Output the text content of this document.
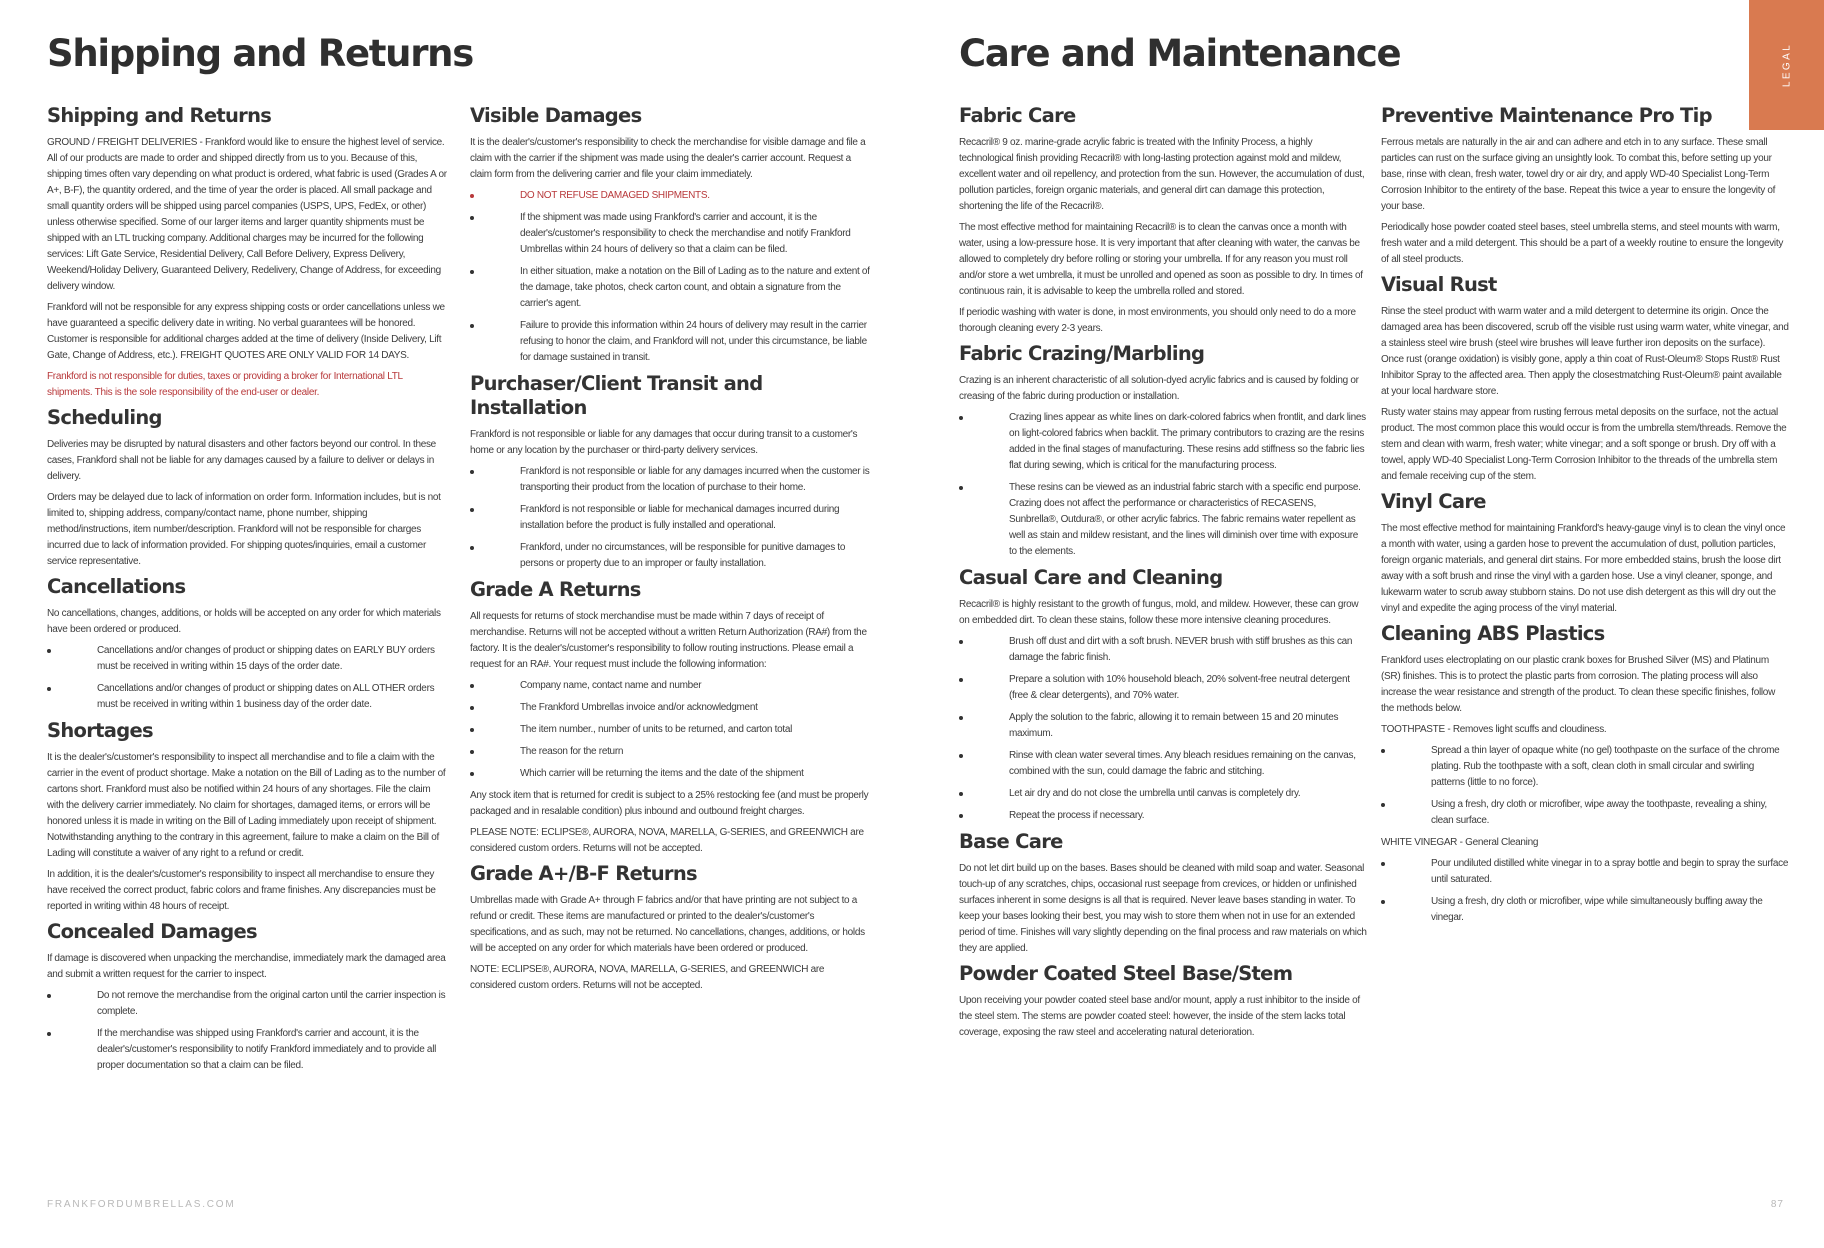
Shipping and Returns	Care and Maintenance
Shipping and Returns
GROUND / FREIGHT DELIVERIES - Frankford would like to ensure the highest level of service. All of our products are made to order and shipped directly from us to you. Because of this, shipping times often vary depending on what product is ordered, what fabric is used (Grades A or A+, B-F), the quantity ordered, and the time of year the order is placed. All small package and small quantity orders will be shipped using parcel companies (USPS, UPS, FedEx, or other) unless otherwise specified. Some of our larger items and larger quantity shipments must be shipped with an LTL trucking company. Additional charges may be incurred for the following services: Lift Gate Service, Residential Delivery, Call Before Delivery, Express Delivery, Weekend/Holiday Delivery, Guaranteed Delivery, Redelivery, Change of Address, for exceeding delivery window.
Frankford will not be responsible for any express shipping costs or order cancellations unless we have guaranteed a specific delivery date in writing. No verbal guarantees will be honored. Customer is responsible for additional charges added at the time of delivery (Inside Delivery, Lift Gate, Change of Address, etc.). FREIGHT QUOTES ARE ONLY VALID FOR 14 DAYS.
Frankford is not responsible for duties, taxes or providing a broker for International LTL shipments. This is the sole responsibility of the end-user or dealer.
Scheduling
Deliveries may be disrupted by natural disasters and other factors beyond our control. In these cases, Frankford shall not be liable for any damages caused by a failure to deliver or delays in delivery.
Orders may be delayed due to lack of information on order form. Information includes, but is not limited to, shipping address, company/contact name, phone number, shipping method/instructions, item number/description. Frankford will not be responsible for charges incurred due to lack of information provided. For shipping quotes/inquiries, email a customer service representative.
Cancellations
No cancellations, changes, additions, or holds will be accepted on any order for which materials have been ordered or produced.
Cancellations and/or changes of product or shipping dates on EARLY BUY orders must be received in writing within 15 days of the order date.
Cancellations and/or changes of product or shipping dates on ALL OTHER orders must be received in writing within 1 business day of the order date.
Shortages
It is the dealer's/customer's responsibility to inspect all merchandise and to file a claim with the carrier in the event of product shortage. Make a notation on the Bill of Lading as to the number of cartons short. Frankford must also be notified within 24 hours of any shortages. File the claim with the delivery carrier immediately. No claim for shortages, damaged items, or errors will be honored unless it is made in writing on the Bill of Lading immediately upon receipt of shipment. Notwithstanding anything to the contrary in this agreement, failure to make a claim on the Bill of Lading will constitute a waiver of any right to a refund or credit.
In addition, it is the dealer's/customer's responsibility to inspect all merchandise to ensure they have received the correct product, fabric colors and frame finishes. Any discrepancies must be reported in writing within 48 hours of receipt.
Concealed Damages
If damage is discovered when unpacking the merchandise, immediately mark the damaged area and submit a written request for the carrier to inspect.
Do not remove the merchandise from the original carton until the carrier inspection is complete.
If the merchandise was shipped using Frankford's carrier and account, it is the dealer's/customer's responsibility to notify Frankford immediately and to provide all proper documentation so that a claim can be filed.
Visible Damages
It is the dealer's/customer's responsibility to check the merchandise for visible damage and file a claim with the carrier if the shipment was made using the dealer's carrier account. Request a claim form from the delivering carrier and file your claim immediately.
DO NOT REFUSE DAMAGED SHIPMENTS.
If the shipment was made using Frankford's carrier and account, it is the dealer's/customer's responsibility to check the merchandise and notify Frankford Umbrellas within 24 hours of delivery so that a claim can be filed.
In either situation, make a notation on the Bill of Lading as to the nature and extent of the damage, take photos, check carton count, and obtain a signature from the carrier's agent.
Failure to provide this information within 24 hours of delivery may result in the carrier refusing to honor the claim, and Frankford will not, under this circumstance, be liable for damage sustained in transit.
Purchaser/Client Transit and Installation
Frankford is not responsible or liable for any damages that occur during transit to a customer's home or any location by the purchaser or third-party delivery services.
Frankford is not responsible or liable for any damages incurred when the customer is transporting their product from the location of purchase to their home.
Frankford is not responsible or liable for mechanical damages incurred during installation before the product is fully installed and operational.
Frankford, under no circumstances, will be responsible for punitive damages to persons or property due to an improper or faulty installation.
Grade A Returns
All requests for returns of stock merchandise must be made within 7 days of receipt of merchandise. Returns will not be accepted without a written Return Authorization (RA#) from the factory. It is the dealer's/customer's responsibility to follow routing instructions. Please email a request for an RA#. Your request must include the following information:
Company name, contact name and number
The Frankford Umbrellas invoice and/or acknowledgment
The item number., number of units to be returned, and carton total
The reason for the return
Which carrier will be returning the items and the date of the shipment
Any stock item that is returned for credit is subject to a 25% restocking fee (and must be properly packaged and in resalable condition) plus inbound and outbound freight charges.
PLEASE NOTE: ECLIPSE®, AURORA, NOVA, MARELLA, G-SERIES, and GREENWICH are considered custom orders. Returns will not be accepted.
Grade A+/B-F Returns
Umbrellas made with Grade A+ through F fabrics and/or that have printing are not subject to a refund or credit. These items are manufactured or printed to the dealer's/customer's specifications, and as such, may not be returned. No cancellations, changes, additions, or holds will be accepted on any order for which materials have been ordered or produced.
NOTE: ECLIPSE®, AURORA, NOVA, MARELLA, G-SERIES, and GREENWICH are considered custom orders. Returns will not be accepted.
Fabric Care
Recacril® 9 oz. marine-grade acrylic fabric is treated with the Infinity Process, a highly technological finish providing Recacril® with long-lasting protection against mold and mildew, excellent water and oil repellency, and protection from the sun. However, the accumulation of dust, pollution particles, foreign organic materials, and general dirt can damage this protection, shortening the life of the Recacril®.
The most effective method for maintaining Recacril® is to clean the canvas once a month with water, using a low-pressure hose. It is very important that after cleaning with water, the canvas be allowed to completely dry before rolling or storing your umbrella. If for any reason you must roll and/or store a wet umbrella, it must be unrolled and opened as soon as possible to dry. In times of continuous rain, it is advisable to keep the umbrella rolled and stored.
If periodic washing with water is done, in most environments, you should only need to do a more thorough cleaning every 2-3 years.
Fabric Crazing/Marbling
Crazing is an inherent characteristic of all solution-dyed acrylic fabrics and is caused by folding or creasing of the fabric during production or installation.
Crazing lines appear as white lines on dark-colored fabrics when frontlit, and dark lines on light-colored fabrics when backlit. The primary contributors to crazing are the resins added in the final stages of manufacturing. These resins add stiffness so the fabric lies flat during sewing, which is critical for the manufacturing process.
These resins can be viewed as an industrial fabric starch with a specific end purpose. Crazing does not affect the performance or characteristics of RECASENS, Sunbrella®, Outdura®, or other acrylic fabrics. The fabric remains water repellent as well as stain and mildew resistant, and the lines will diminish over time with exposure to the elements.
Casual Care and Cleaning
Recacril® is highly resistant to the growth of fungus, mold, and mildew. However, these can grow on embedded dirt. To clean these stains, follow these more intensive cleaning procedures.
Brush off dust and dirt with a soft brush. NEVER brush with stiff brushes as this can damage the fabric finish.
Prepare a solution with 10% household bleach, 20% solvent-free neutral detergent (free & clear detergents), and 70% water.
Apply the solution to the fabric, allowing it to remain between 15 and 20 minutes maximum.
Rinse with clean water several times. Any bleach residues remaining on the canvas, combined with the sun, could damage the fabric and stitching.
Let air dry and do not close the umbrella until canvas is completely dry.
Repeat the process if necessary.
Base Care
Do not let dirt build up on the bases. Bases should be cleaned with mild soap and water. Seasonal touch-up of any scratches, chips, occasional rust seepage from crevices, or hidden or unfinished surfaces inherent in some designs is all that is required. Never leave bases standing in water. To keep your bases looking their best, you may wish to store them when not in use for an extended period of time. Finishes will vary slightly depending on the final process and raw materials on which they are applied.
Powder Coated Steel Base/Stem
Upon receiving your powder coated steel base and/or mount, apply a rust inhibitor to the inside of the steel stem. The stems are powder coated steel: however, the inside of the stem lacks total coverage, exposing the raw steel and accelerating natural deterioration.
Preventive Maintenance Pro Tip
Ferrous metals are naturally in the air and can adhere and etch in to any surface. These small particles can rust on the surface giving an unsightly look. To combat this, before setting up your base, rinse with clean, fresh water, towel dry or air dry, and apply WD-40 Specialist Long-Term Corrosion Inhibitor to the entirety of the base. Repeat this twice a year to ensure the longevity of your base.
Periodically hose powder coated steel bases, steel umbrella stems, and steel mounts with warm, fresh water and a mild detergent. This should be a part of a weekly routine to ensure the longevity of all steel products.
Visual Rust
Rinse the steel product with warm water and a mild detergent to determine its origin. Once the damaged area has been discovered, scrub off the visible rust using warm water, white vinegar, and a stainless steel wire brush (steel wire brushes will leave further iron deposits on the surface). Once rust (orange oxidation) is visibly gone, apply a thin coat of Rust-Oleum® Stops Rust® Rust Inhibitor Spray to the affected area. Then apply the closestmatching Rust-Oleum® paint available at your local hardware store.
Rusty water stains may appear from rusting ferrous metal deposits on the surface, not the actual product. The most common place this would occur is from the umbrella stem/threads. Remove the stem and clean with warm, fresh water; white vinegar; and a soft sponge or brush. Dry off with a towel, apply WD-40 Specialist Long-Term Corrosion Inhibitor to the threads of the umbrella stem and female receiving cup of the stem.
Vinyl Care
The most effective method for maintaining Frankford's heavy-gauge vinyl is to clean the vinyl once a month with water, using a garden hose to prevent the accumulation of dust, pollution particles, foreign organic materials, and general dirt stains. For more embedded stains, brush the loose dirt away with a soft brush and rinse the vinyl with a garden hose. Use a vinyl cleaner, sponge, and lukewarm water to scrub away stubborn stains. Do not use dish detergent as this will dry out the vinyl and expedite the aging process of the vinyl material.
Cleaning ABS Plastics
Frankford uses electroplating on our plastic crank boxes for Brushed Silver (MS) and Platinum (SR) finishes. This is to protect the plastic parts from corrosion. The plating process will also increase the wear resistance and strength of the product. To clean these specific finishes, follow the methods below.
TOOTHPASTE - Removes light scuffs and cloudiness.
Spread a thin layer of opaque white (no gel) toothpaste on the surface of the chrome plating. Rub the toothpaste with a soft, clean cloth in small circular and swirling patterns (little to no force).
Using a fresh, dry cloth or microfiber, wipe away the toothpaste, revealing a shiny, clean surface.
WHITE VINEGAR - General Cleaning
Pour undiluted distilled white vinegar in to a spray bottle and begin to spray the surface until saturated.
Using a fresh, dry cloth or microfiber, wipe while simultaneously buffing away the vinegar.
LEGAL
FRANKFORDUMBRELLAS.COM	87
